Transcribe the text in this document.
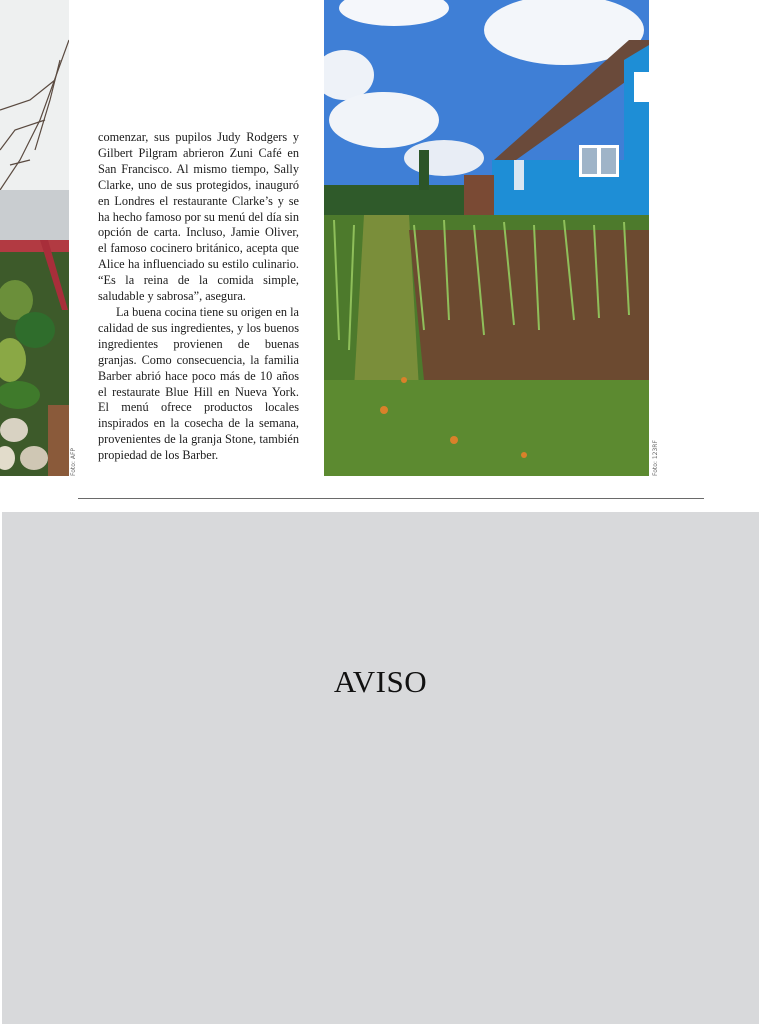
Foto: AFP

comenzar, sus pupilos Judy Rodgers y Gilbert Pilgram abrieron Zuni Café en San Francisco. Al mismo tiempo, Sally Clarke, uno de sus protegidos, inauguró en Londres el restaurante Clarke’s y se ha hecho famoso por su menú del día sin opción de carta. Incluso, Jamie Oliver, el famoso cocinero británico, acepta que Alice ha influenciado su estilo culinario. “Es la reina de la comida simple, saludable y sabrosa”, asegura.

La buena cocina tiene su origen en la calidad de sus ingredientes, y los buenos ingredientes provienen de buenas granjas. Como consecuencia, la familia Barber abrió hace poco más de 10 años el restaurate Blue Hill en Nueva York. El menú ofrece productos locales inspirados en la cosecha de la semana, provenientes de la granja Stone, también propiedad de los Barber.	Foto: 123RF
AVISO
